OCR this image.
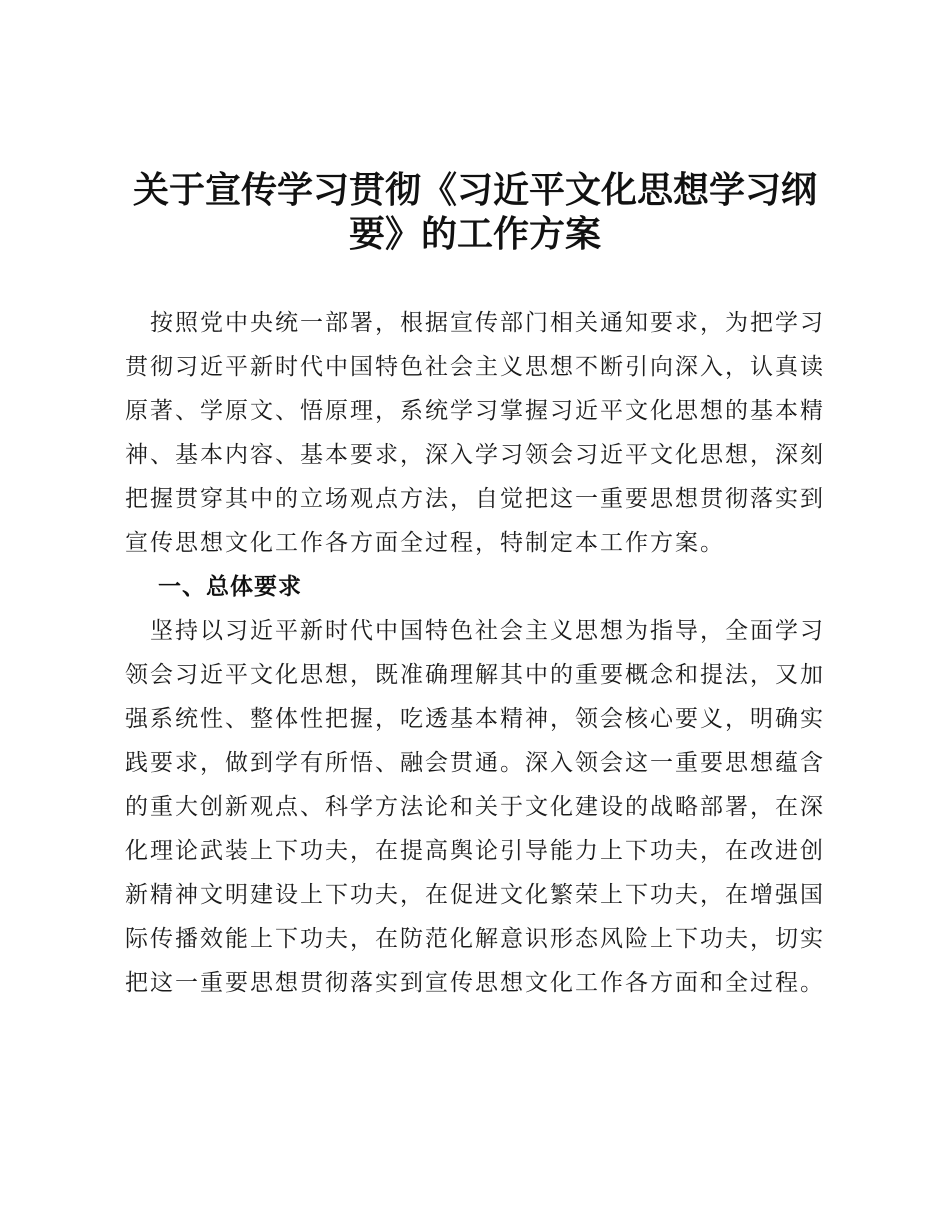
关于宣传学习贯彻《习近平文化思想学习纲
要》的工作方案

　按照党中央统一部署，根据宣传部门相关通知要求，为把学习

贯彻习近平新时代中国特色社会主义思想不断引向深入，认真读

原著、学原文、悟原理，系统学习掌握习近平文化思想的基本精

神、基本内容、基本要求，深入学习领会习近平文化思想，深刻

把握贯穿其中的立场观点方法，自觉把这一重要思想贯彻落实到

宣传思想文化工作各方面全过程，特制定本工作方案。

一、总体要求

　坚持以习近平新时代中国特色社会主义思想为指导，全面学习

领会习近平文化思想，既准确理解其中的重要概念和提法，又加

强系统性、整体性把握，吃透基本精神，领会核心要义，明确实

践要求，做到学有所悟、融会贯通。深入领会这一重要思想蕴含

的重大创新观点、科学方法论和关于文化建设的战略部署，在深

化理论武装上下功夫，在提高舆论引导能力上下功夫，在改进创

新精神文明建设上下功夫，在促进文化繁荣上下功夫，在增强国

际传播效能上下功夫，在防范化解意识形态风险上下功夫，切实

把这一重要思想贯彻落实到宣传思想文化工作各方面和全过程。
